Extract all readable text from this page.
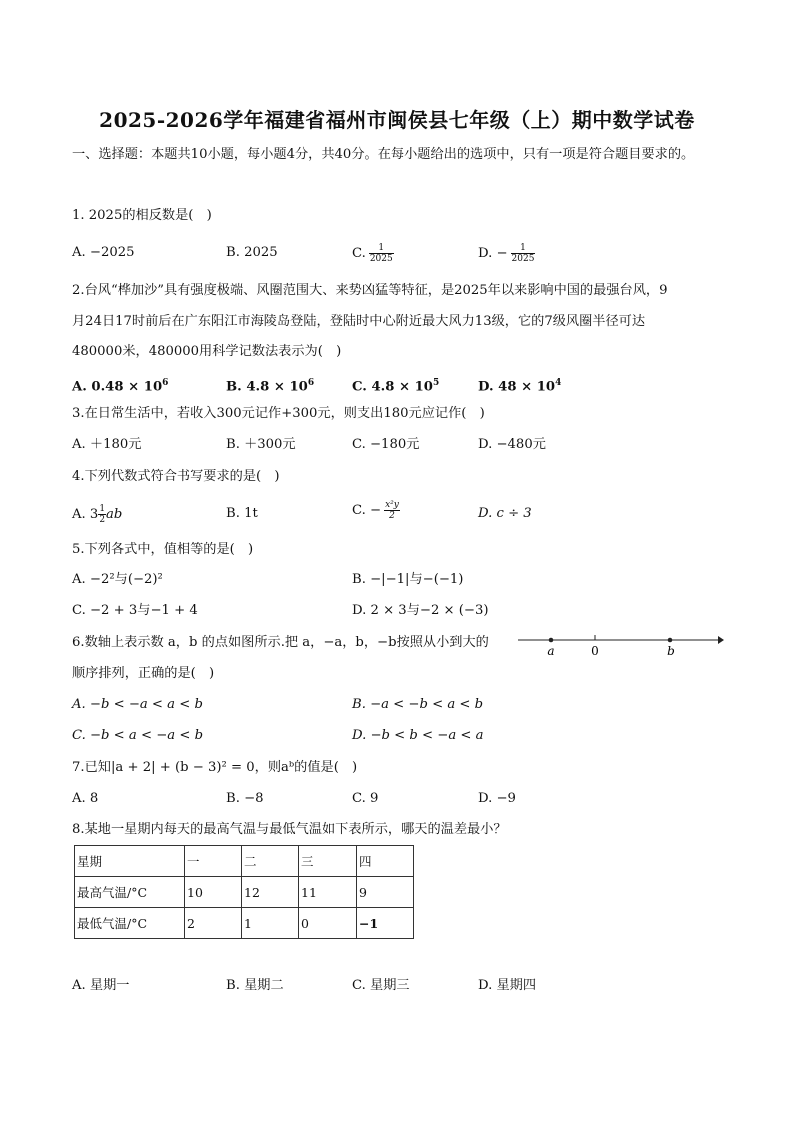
2025-2026学年福建省福州市闽侯县七年级（上）期中数学试卷
一、选择题：本题共10小题，每小题4分，共40分。在每小题给出的选项中，只有一项是符合题目要求的。
1. 2025的相反数是(　)
A. −2025	B. 2025	C. $\frac{1}{2025}$	D. − $\frac{1}{2025}$
2.台风“桦加沙”具有强度极端、风圈范围大、来势凶猛等特征，是2025年以来影响中国的最强台风，9
月24日17时前后在广东阳江市海陵岛登陆，登陆时中心附近最大风力13级，它的7级风圈半径可达
480000米，480000用科学记数法表示为(　)
A. $0.48 \times 10^6$	B. $4.8 \times 10^6$	C. $4.8 \times 10^5$	D. $48 \times 10^4$
3.在日常生活中，若收入300元记作+300元，则支出180元应记作(　)
A. ＋180元	B. ＋300元	C. −180元	D. −480元
4.下列代数式符合书写要求的是(　)
A. $3 \frac{1}{2}$ ab	B. 1t	C. − $\frac{\text{x²y}}{2}$	D. c ÷ 3
5.下列各式中，值相等的是(　)
A. −2²与(−2)²	B. −|−1|与−(−1)
C. −2 + 3与−1 + 4	D. 2 × 3与−2 × (−3)
6.数轴上表示数 a，b 的点如图所示.把 a，−a，b，−b按照从小到大的
顺序排列，正确的是(　)
a	0	b
A. −b < −a < a < b	B. −a < −b < a < b
C. −b < a < −a < b	D. −b < b < −a < a
7.已知|a + 2| + (b − 3)² = 0，则aᵇ的值是(　)
A. 8	B. −8	C. 9	D. −9
8.某地一星期内每天的最高气温与最低气温如下表所示，哪天的温差最小？
星期	一	二	三	四
最高气温/°C	10	12	11	9
最低气温/°C	2	1	0	−1
A. 星期一	B. 星期二	C. 星期三	D. 星期四
